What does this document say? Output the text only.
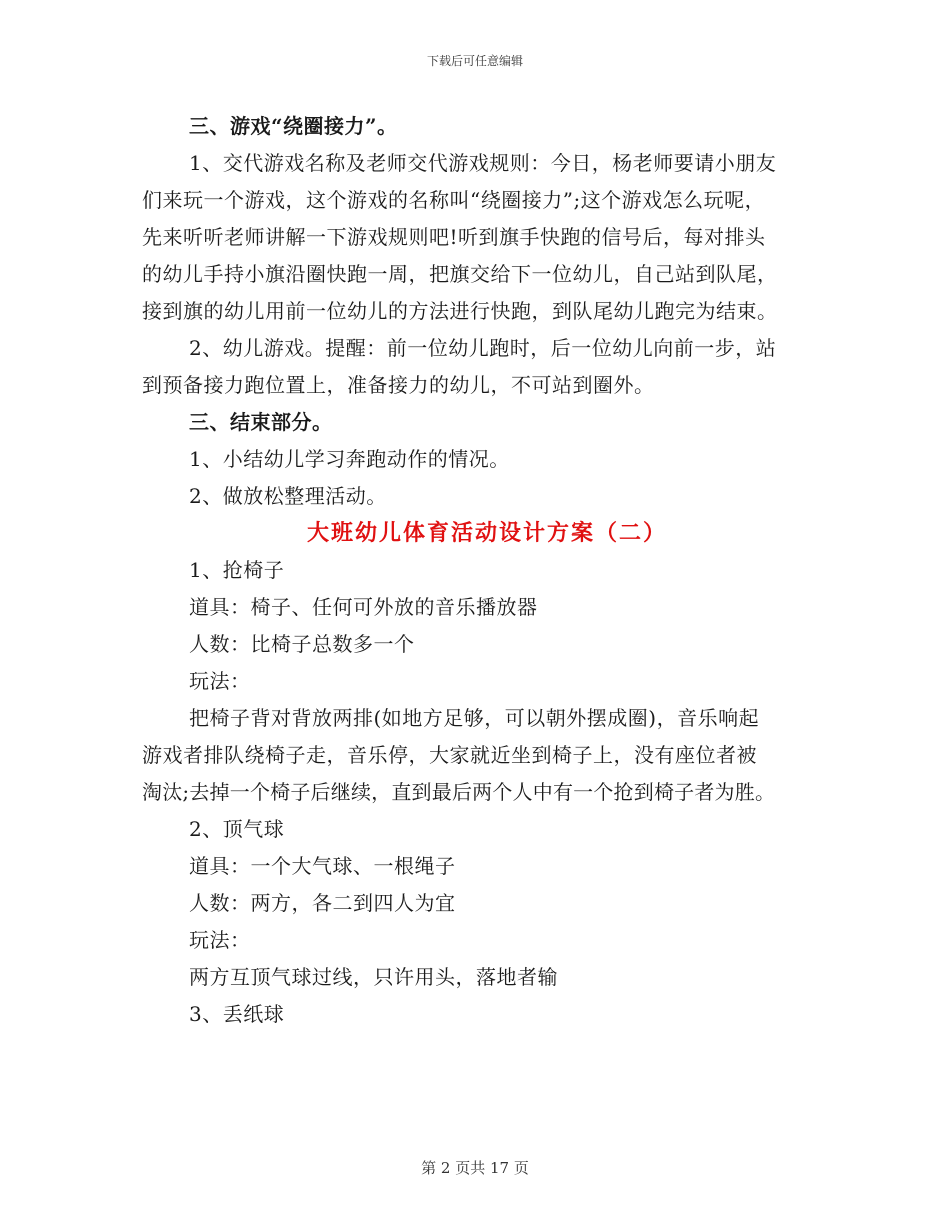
下载后可任意编辑
三、游戏“绕圈接力”。
1、交代游戏名称及老师交代游戏规则：今日，杨老师要请小朋友
们来玩一个游戏，这个游戏的名称叫“绕圈接力”;这个游戏怎么玩呢，
先来听听老师讲解一下游戏规则吧!听到旗手快跑的信号后，每对排头
的幼儿手持小旗沿圈快跑一周，把旗交给下一位幼儿，自己站到队尾，
接到旗的幼儿用前一位幼儿的方法进行快跑，到队尾幼儿跑完为结束。
2、幼儿游戏。提醒：前一位幼儿跑时，后一位幼儿向前一步，站
到预备接力跑位置上，准备接力的幼儿，不可站到圈外。
三、结束部分。
1、小结幼儿学习奔跑动作的情况。
2、做放松整理活动。
大班幼儿体育活动设计方案（二）
1、抢椅子
道具：椅子、任何可外放的音乐播放器
人数：比椅子总数多一个
玩法：
把椅子背对背放两排(如地方足够，可以朝外摆成圈)，音乐响起
游戏者排队绕椅子走，音乐停，大家就近坐到椅子上，没有座位者被
淘汰;去掉一个椅子后继续，直到最后两个人中有一个抢到椅子者为胜。
2、顶气球
道具：一个大气球、一根绳子
人数：两方，各二到四人为宜
玩法：
两方互顶气球过线，只许用头，落地者输
3、丢纸球
第 2 页共 17 页
